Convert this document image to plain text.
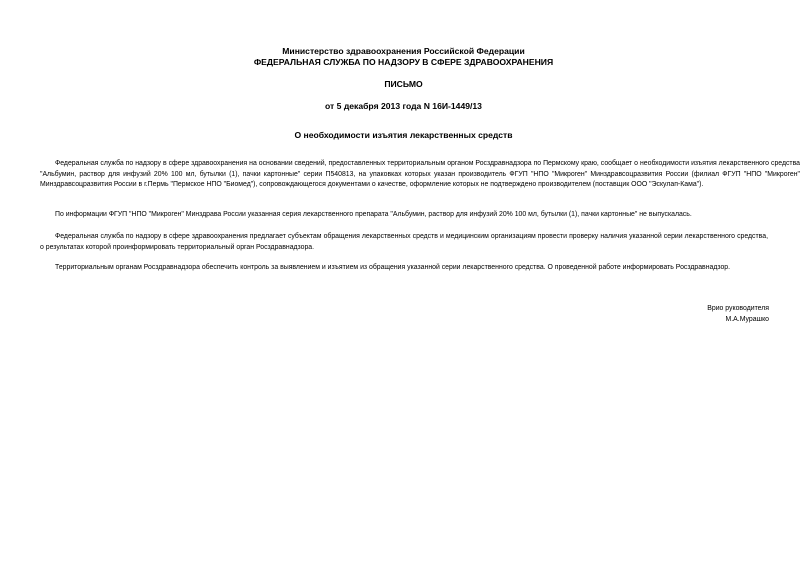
Министерство здравоохранения Российской Федерации
ФЕДЕРАЛЬНАЯ СЛУЖБА ПО НАДЗОРУ В СФЕРЕ ЗДРАВООХРАНЕНИЯ
ПИСЬМО
от 5 декабря 2013 года N 16И-1449/13
О необходимости изъятия лекарственных средств

Федеральная служба по надзору в сфере здравоохранения на основании сведений, предоставленных территориальным органом Росздравнадзора по Пермскому краю, сообщает о необходимости изъятия лекарственного средства "Альбумин, раствор для инфузий 20% 100 мл, бутылки (1), пачки картонные" серии П540813, на упаковках которых указан производитель ФГУП "НПО "Микроген" Минздравсоцразвития России (филиал ФГУП "НПО "Микроген" Минздравсоцразвития России в г.Пермь "Пермское НПО "Биомед"), сопровождающегося документами о качестве, оформление которых не подтверждено производителем (поставщик ООО "Эскулап-Кама").

По информации ФГУП "НПО "Микроген" Минздрава России указанная серия лекарственного препарата "Альбумин, раствор для инфузий 20% 100 мл, бутылки (1), пачки картонные" не выпускалась.

Федеральная служба по надзору в сфере здравоохранения предлагает субъектам обращения лекарственных средств и медицинским организациям провести проверку наличия указанной серии лекарственного средства, о результатах которой проинформировать территориальный орган Росздравнадзора.

Территориальным органам Росздравнадзора обеспечить контроль за выявлением и изъятием из обращения указанной серии лекарственного средства. О проведенной работе информировать Росздравнадзор.

Врио руководителя
М.А.Мурашко
